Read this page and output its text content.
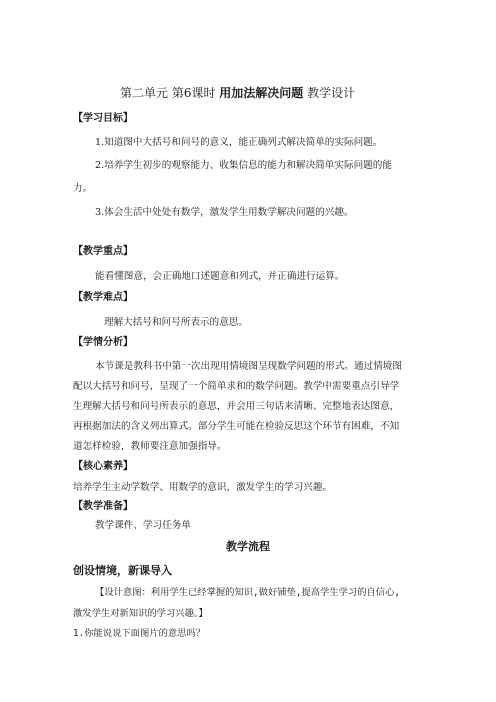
第二单元 第6课时 用加法解决问题 教学设计
【学习目标】
1.知道图中大括号和问号的意义，能正确列式解决简单的实际问题。
2.培养学生初步的观察能力、收集信息的能力和解决简单实际问题的能
力。
3.体会生活中处处有数学，激发学生用数学解决问题的兴趣。
【教学重点】
能看懂图意，会正确地口述题意和列式，并正确进行运算。
【教学难点】
理解大括号和问号所表示的意思。
【学情分析】
本节课是教科书中第一次出现用情境图呈现数学问题的形式。通过情境图
配以大括号和问号，呈现了一个简单求和的数学问题。教学中需要重点引导学
生理解大括号和问号所表示的意思，并会用三句话来清晰、完整地表达图意，
再根据加法的含义列出算式。部分学生可能在检验反思这个环节有困难，不知
道怎样检验，教师要注意加强指导。
【核心素养】
培养学生主动学数学、用数学的意识，激发学生的学习兴趣。
【教学准备】
教学课件、学习任务单
教学流程
创设情境，新课导入
【设计意图：利用学生已经掌握的知识,做好铺垫,提高学生学习的自信心,
激发学生对新知识的学习兴趣。】
1.你能说说下面图片的意思吗？
